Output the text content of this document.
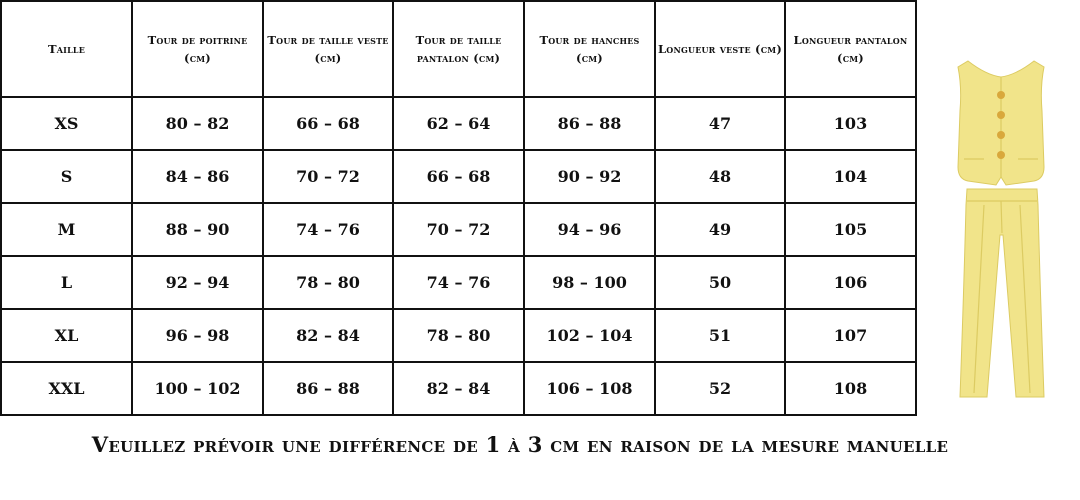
Taille	Tour de poitrine (cm)	Tour de taille veste (cm)	Tour de taille pantalon (cm)	Tour de hanches (cm)	Longueur veste (cm)	Longueur pantalon (cm)
XS	80 – 82	66 – 68	62 – 64	86 – 88	47	103
S	84 – 86	70 – 72	66 – 68	90 – 92	48	104
M	88 – 90	74 – 76	70 – 72	94 – 96	49	105
L	92 – 94	78 – 80	74 – 76	98 – 100	50	106
XL	96 – 98	82 – 84	78 – 80	102 – 104	51	107
XXL	100 – 102	86 – 88	82 – 84	106 – 108	52	108
Veuillez prévoir une différence de 1 à 3 cm en raison de la mesure manuelle
